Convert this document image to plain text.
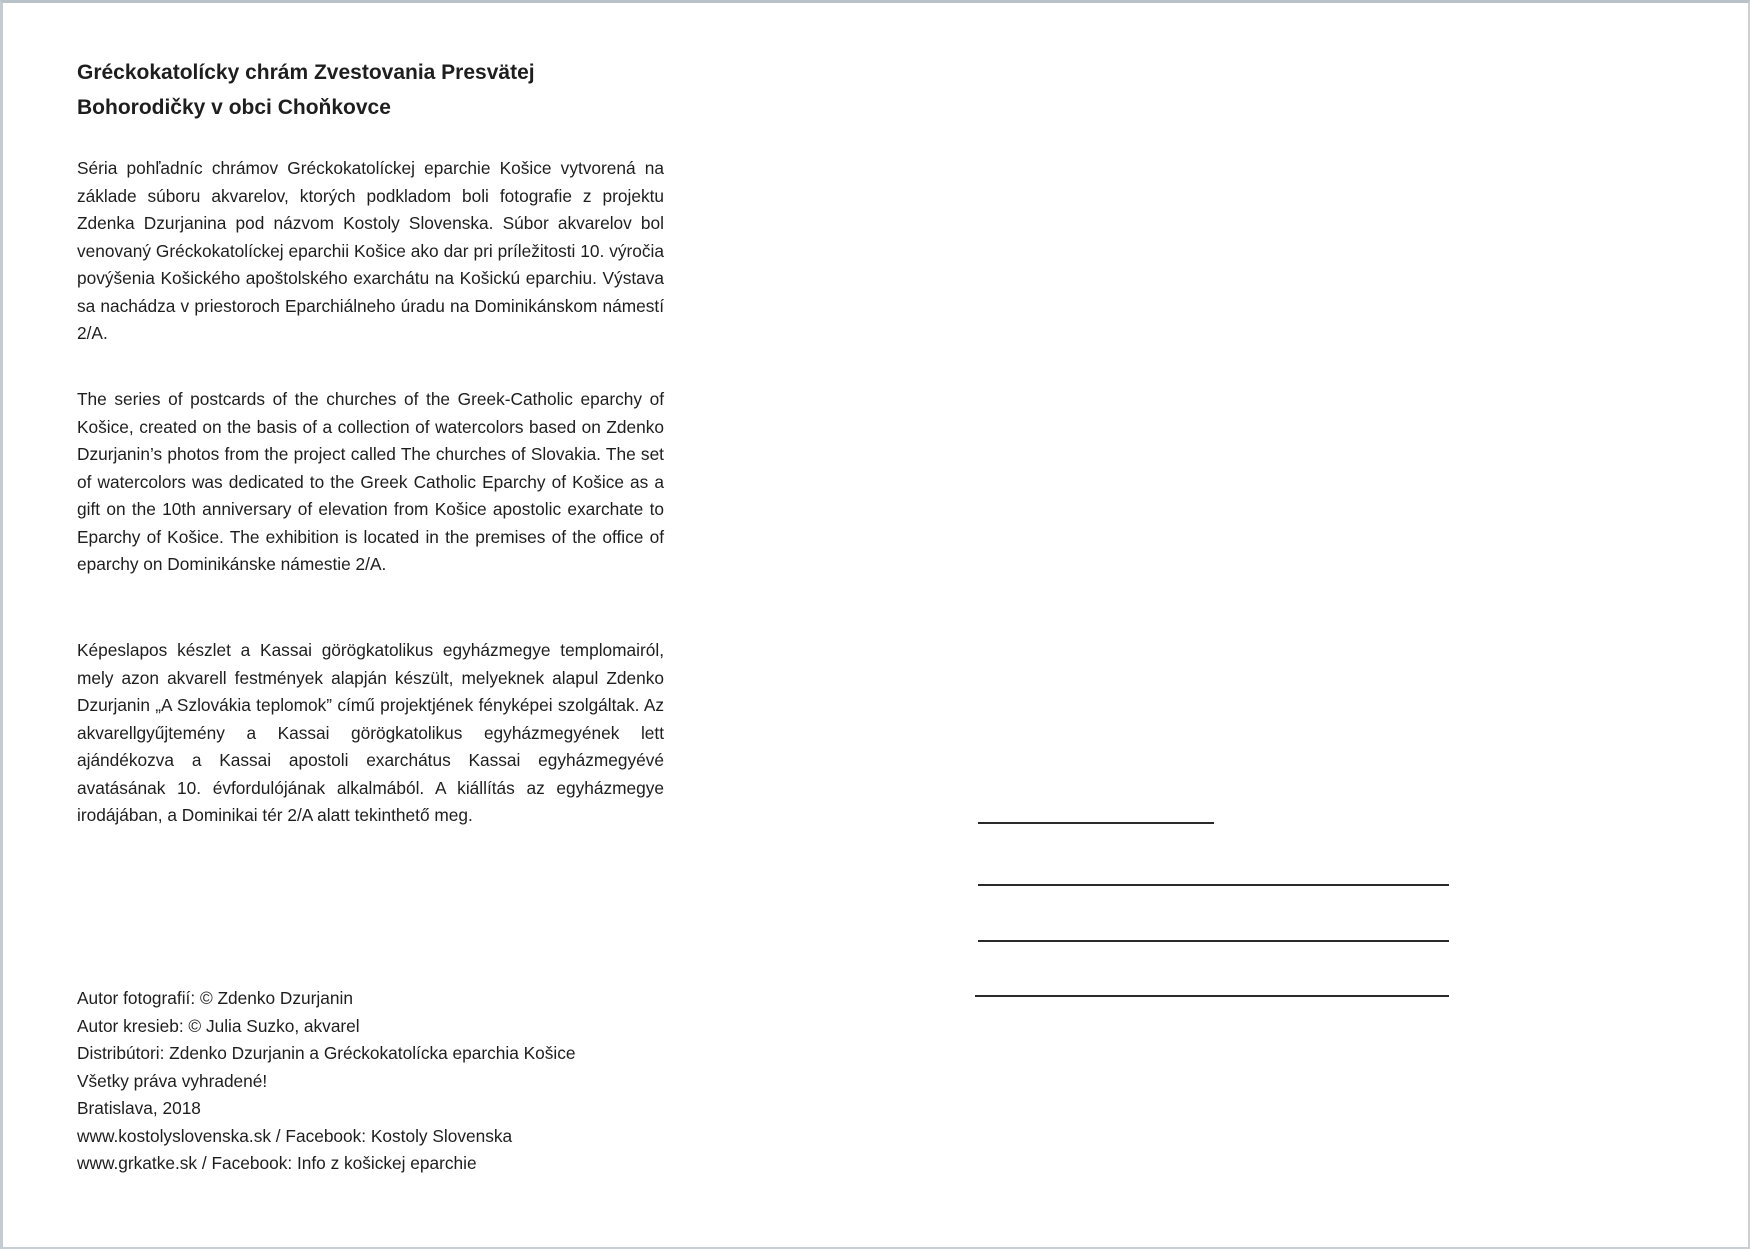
Gréckokatolícky chrám Zvestovania Presvätej
Bohorodičky v obci Choňkovce

Séria pohľadníc chrámov Gréckokatolíckej eparchie Košice vytvorená na základe súboru akvarelov, ktorých podkladom boli fotografie z projektu Zdenka Dzurjanina pod názvom Kostoly Slovenska. Súbor akvarelov bol venovaný Gréckokatolíckej eparchii Košice ako dar pri príležitosti 10. výročia povýšenia Košického apoštolského exarchátu na Košickú eparchiu. Výstava sa nachádza v priestoroch Eparchiálneho úradu na Dominikánskom námestí 2/A.

The series of postcards of the churches of the Greek-Catholic eparchy of Košice, created on the basis of a collection of watercolors based on Zdenko Dzurjanin’s photos from the project called The churches of Slovakia. The set of watercolors was dedicated to the Greek Catholic Eparchy of Košice as a gift on the 10th anniversary of elevation from Košice apostolic exarchate to Eparchy of Košice. The exhibition is located in the premises of the office of eparchy on Dominikánske námestie 2/A.

Képeslapos készlet a Kassai görögkatolikus egyházmegye templomairól, mely azon akvarell festmények alapján készült, melyeknek alapul Zdenko Dzurjanin „A Szlovákia teplomok” című projektjének fényképei szolgáltak. Az akvarellgyűjtemény a Kassai görögkatolikus egyházmegyének lett ajándékozva a Kassai apostoli exarchátus Kassai egyházmegyévé avatásának 10. évfordulójának alkalmából. A kiállítás az egyházmegye irodájában, a Dominikai tér 2/A alatt tekinthető meg.

Autor fotografií: © Zdenko Dzurjanin
Autor kresieb: © Julia Suzko, akvarel
Distribútori: Zdenko Dzurjanin a Gréckokatolícka eparchia Košice
Všetky práva vyhradené!
Bratislava, 2018
www.kostolyslovenska.sk / Facebook: Kostoly Slovenska
www.grkatke.sk / Facebook: Info z košickej eparchie
